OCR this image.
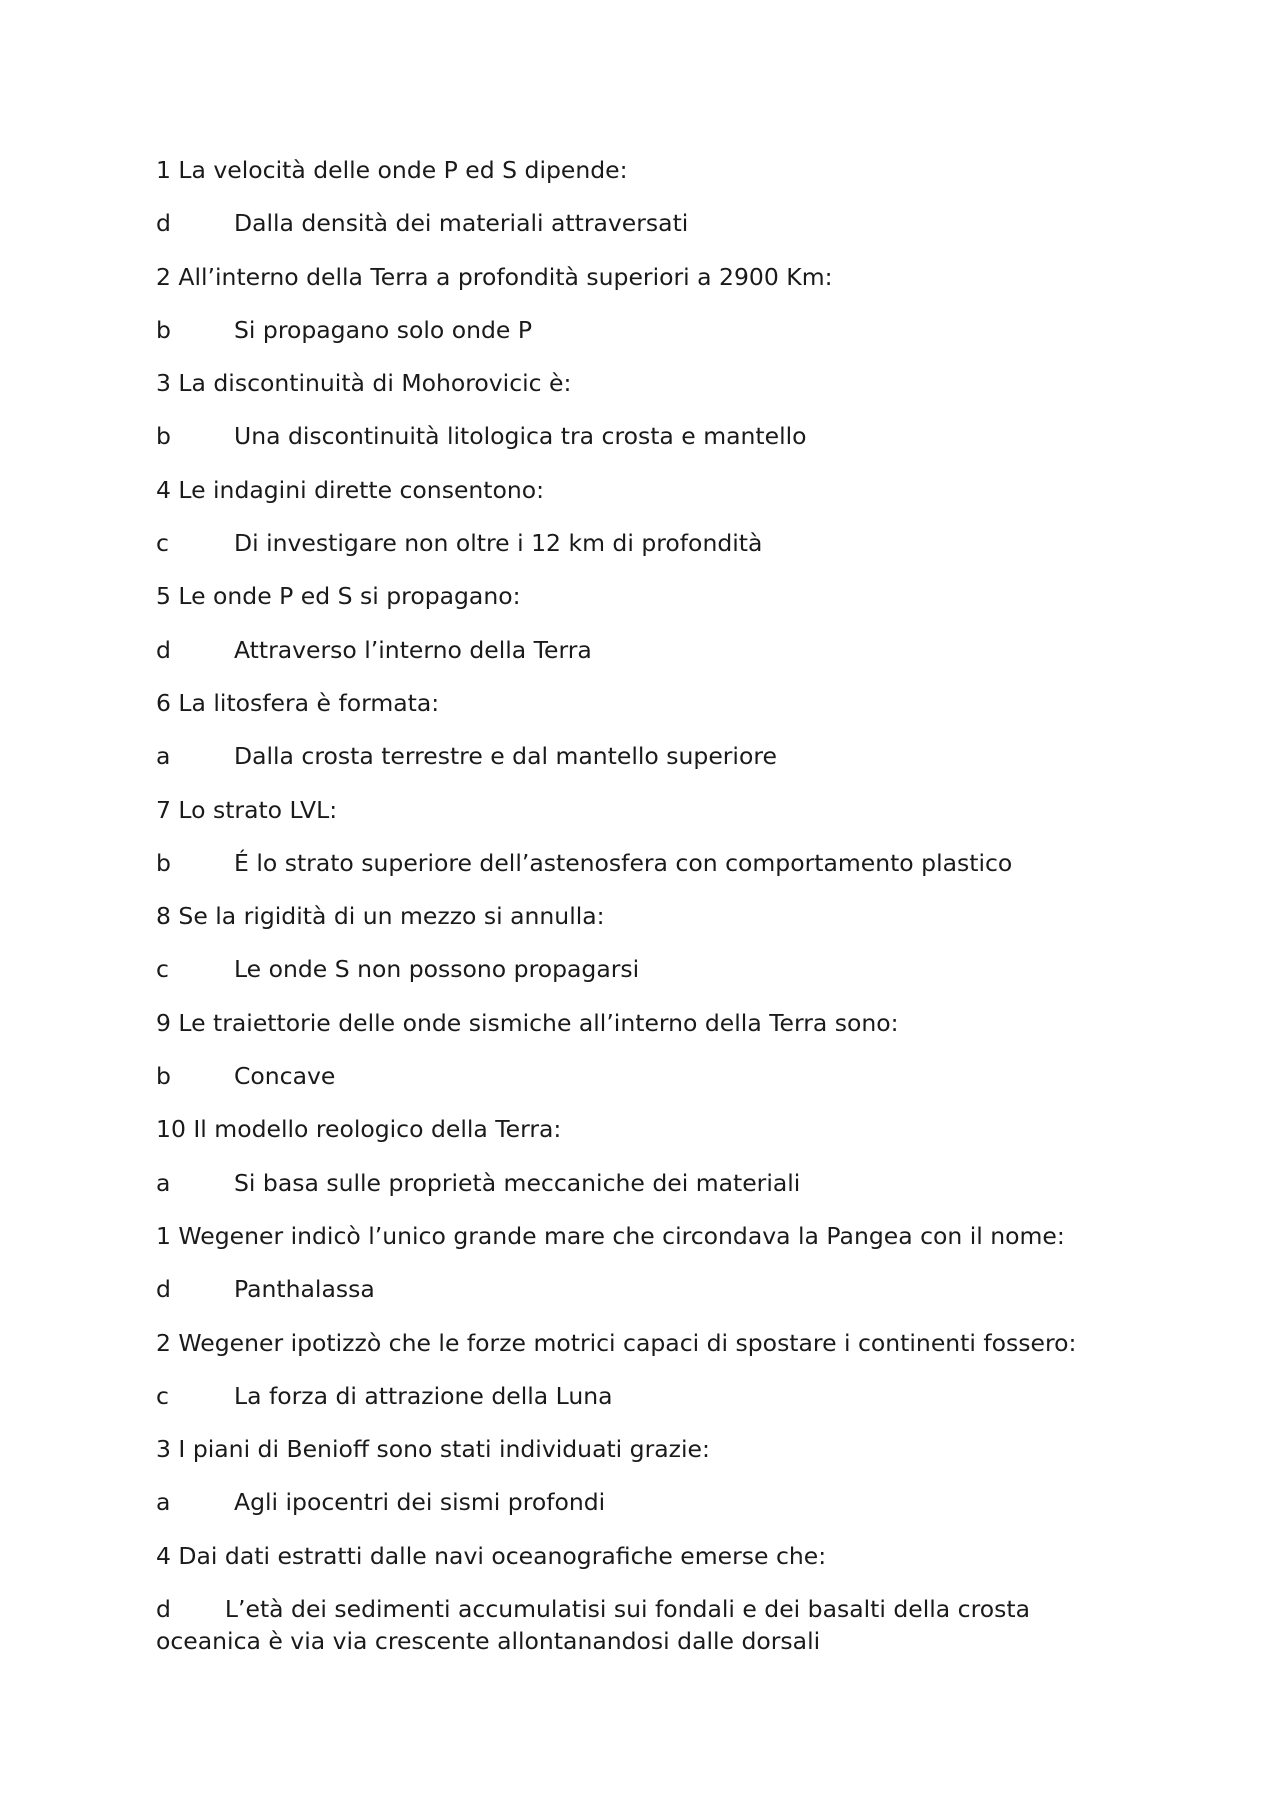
1 La velocità delle onde P ed S dipende:
d	Dalla densità dei materiali attraversati
2 All’interno della Terra a profondità superiori a 2900 Km:
b	Si propagano solo onde P
3 La discontinuità di Mohorovicic è:
b	Una discontinuità litologica tra crosta e mantello
4 Le indagini dirette consentono:
c	Di investigare non oltre i 12 km di profondità
5 Le onde P ed S si propagano:
d	Attraverso l’interno della Terra
6 La litosfera è formata:
a	Dalla crosta terrestre e dal mantello superiore
7 Lo strato LVL:
b	É lo strato superiore dell’astenosfera con comportamento plastico
8 Se la rigidità di un mezzo si annulla:
c	Le onde S non possono propagarsi
9 Le traiettorie delle onde sismiche all’interno della Terra sono:
b	Concave
10 Il modello reologico della Terra:
a	Si basa sulle proprietà meccaniche dei materiali
1 Wegener indicò l’unico grande mare che circondava la Pangea con il nome:
d	Panthalassa
2 Wegener ipotizzò che le forze motrici capaci di spostare i continenti fossero:
c	La forza di attrazione della Luna
3 I piani di Benioff sono stati individuati grazie:
a	Agli ipocentri dei sismi profondi
4 Dai dati estratti dalle navi oceanografiche emerse che:
d L’età dei sedimenti accumulatisi sui fondali e dei basalti della crosta oceanica è via via crescente allontanandosi dalle dorsali
